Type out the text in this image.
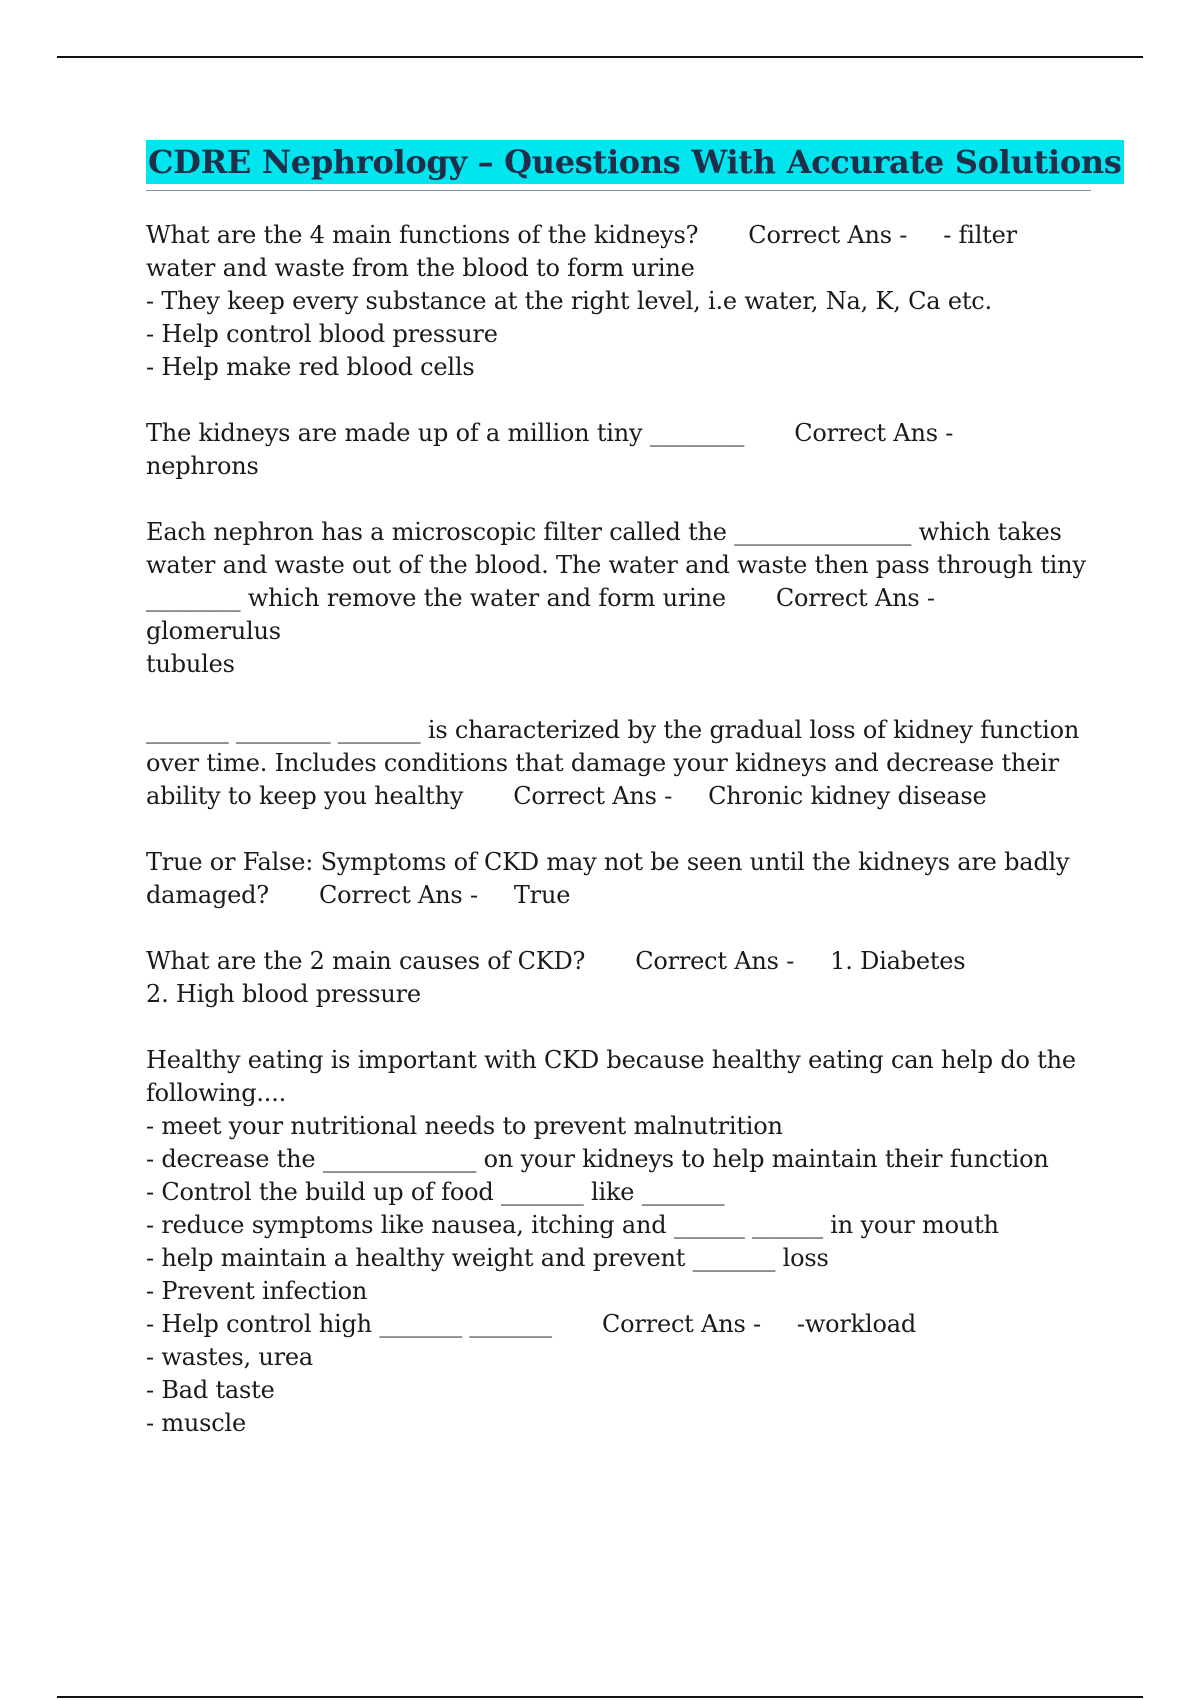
CDRE Nephrology – Questions With Accurate Solutions
What are the 4 main functions of the kidneys? Correct Ans - - filter
water and waste from the blood to form urine
- They keep every substance at the right level, i.e water, Na, K, Ca etc.
- Help control blood pressure
- Help make red blood cells
The kidneys are made up of a million tiny ________ Correct Ans -
nephrons
Each nephron has a microscopic filter called the _______________ which takes
water and waste out of the blood. The water and waste then pass through tiny
________ which remove the water and form urine Correct Ans -
glomerulus
tubules
_______ ________ _______ is characterized by the gradual loss of kidney function
over time. Includes conditions that damage your kidneys and decrease their
ability to keep you healthy Correct Ans - Chronic kidney disease
True or False: Symptoms of CKD may not be seen until the kidneys are badly
damaged? Correct Ans - True
What are the 2 main causes of CKD? Correct Ans - 1. Diabetes
2. High blood pressure
Healthy eating is important with CKD because healthy eating can help do the
following....
- meet your nutritional needs to prevent malnutrition
- decrease the _____________ on your kidneys to help maintain their function
- Control the build up of food _______ like _______
- reduce symptoms like nausea, itching and ______ ______ in your mouth
- help maintain a healthy weight and prevent _______ loss
- Prevent infection
- Help control high _______ _______ Correct Ans - -workload
- wastes, urea
- Bad taste
- muscle
